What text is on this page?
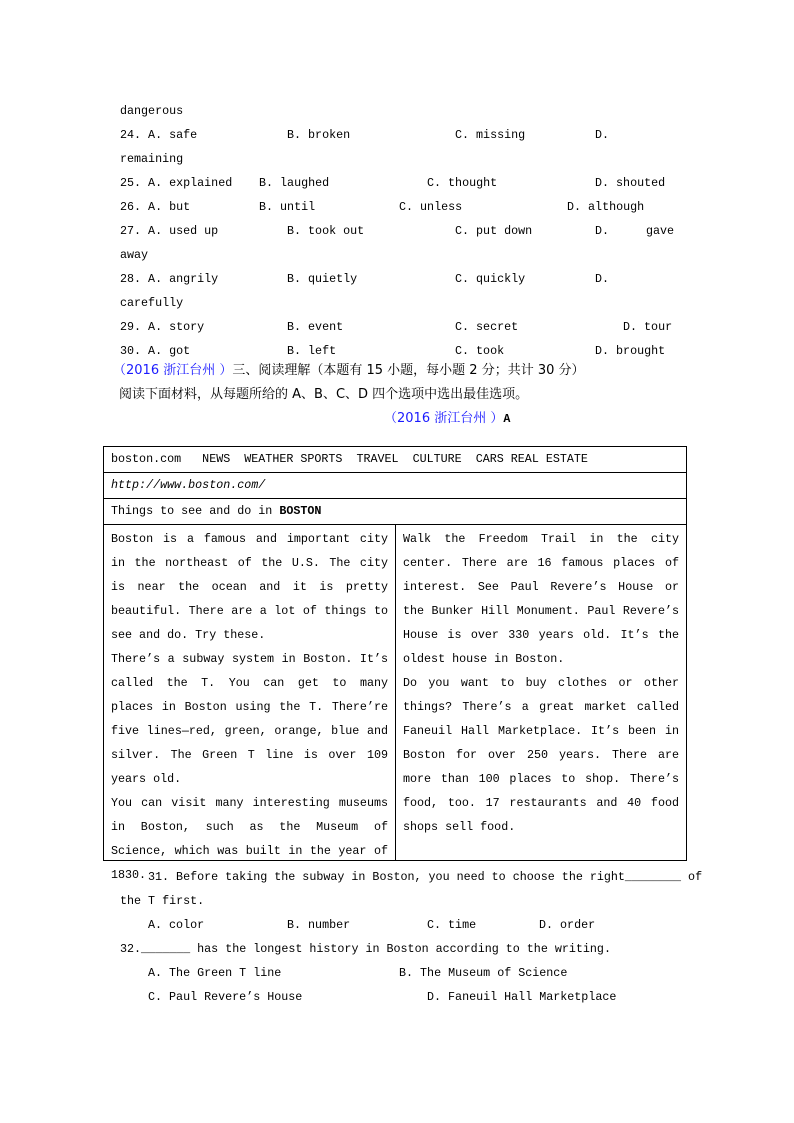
dangerous
24. A. safe	B. broken	C. missing	D.
remaining
25. A. explained B. laughed	C. thought	D. shouted
26. A. but	B. until	C. unless	D. although
27. A. used up	B. took out	C. put down	D.	gave
away
28. A. angrily	B. quietly	C. quickly	D.
carefully
29. A. story	B. event	C. secret	D. tour
30. A. got	B. left	C. took	D. brought
（2016 浙江台州 ）三、阅读理解（本题有 15 小题，每小题 2 分；共计 30 分）
阅读下面材料，从每题所给的 A、B、C、D 四个选项中选出最佳选项。
（2016 浙江台州 ）A
boston.com   NEWS  WEATHER SPORTS  TRAVEL  CULTURE  CARS REAL ESTATE
http://www.boston.com/
Things to see and do in BOSTON

Boston is a famous and important city in the northeast of the U.S. The city is near the ocean and it is pretty beautiful. There are a lot of things to see and do. Try these.

There’s a subway system in Boston. It’s called the T. You can get to many places in Boston using the T. There’re five lines—red, green, orange, blue and silver. The Green T line is over 109 years old.

You can visit many interesting museums in Boston, such as the Museum of Science, which was built in the year of 1830.

Walk the Freedom Trail in the city center. There are 16 famous places of interest. See Paul Revere’s House or the Bunker Hill Monument. Paul Revere’s House is over 330 years old. It’s the oldest house in Boston.

Do you want to buy clothes or other things? There’s a great market called Faneuil Hall Marketplace. It’s been in Boston for over 250 years. There are more than 100 places to shop. There’s food, too. 17 restaurants and 40 food shops sell food.

31. Before taking the subway in Boston, you need to choose the right________ of
the T first.
A. color	B. number	C. time	D. order
32._______ has the longest history in Boston according to the writing.
A. The Green T line	B. The Museum of Science
C. Paul Revere’s House	D. Faneuil Hall Marketplace
